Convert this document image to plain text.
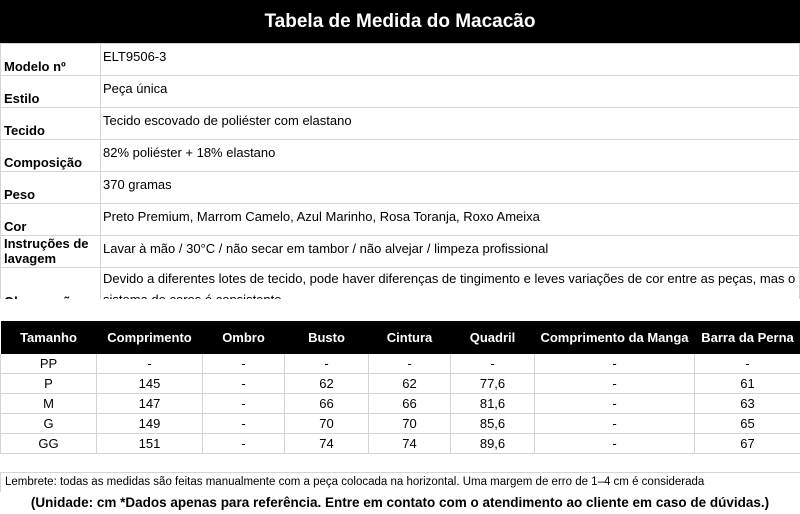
Tabela de Medida do Macacão
Modelo nº	ELT9506-3
Estilo	Peça única
Tecido	Tecido escovado de poliéster com elastano
Composição	82% poliéster + 18% elastano
Peso	370 gramas
Cor	Preto Premium, Marrom Camelo, Azul Marinho, Rosa Toranja, Roxo Ameixa
Instruções de lavagem	Lavar à mão / 30°C / não secar em tambor / não alvejar / limpeza profissional
	Devido a diferentes lotes de tecido, pode haver diferenças de tingimento e leves variações de cor entre as peças, mas o
Tamanho	Comprimento	Ombro	Busto	Cintura	Quadril	Comprimento da Manga	Barra da Perna
PP	-	-	-	-	-	-	-
P	145	-	62	62	77,6	-	61
M	147	-	66	66	81,6	-	63
G	149	-	70	70	85,6	-	65
GG	151	-	74	74	89,6	-	67
Lembrete: todas as medidas são feitas manualmente com a peça colocada na horizontal. Uma margem de erro de 1–4 cm é considerada
(Unidade: cm *Dados apenas para referência. Entre em contato com o atendimento ao cliente em caso de dúvidas.)
